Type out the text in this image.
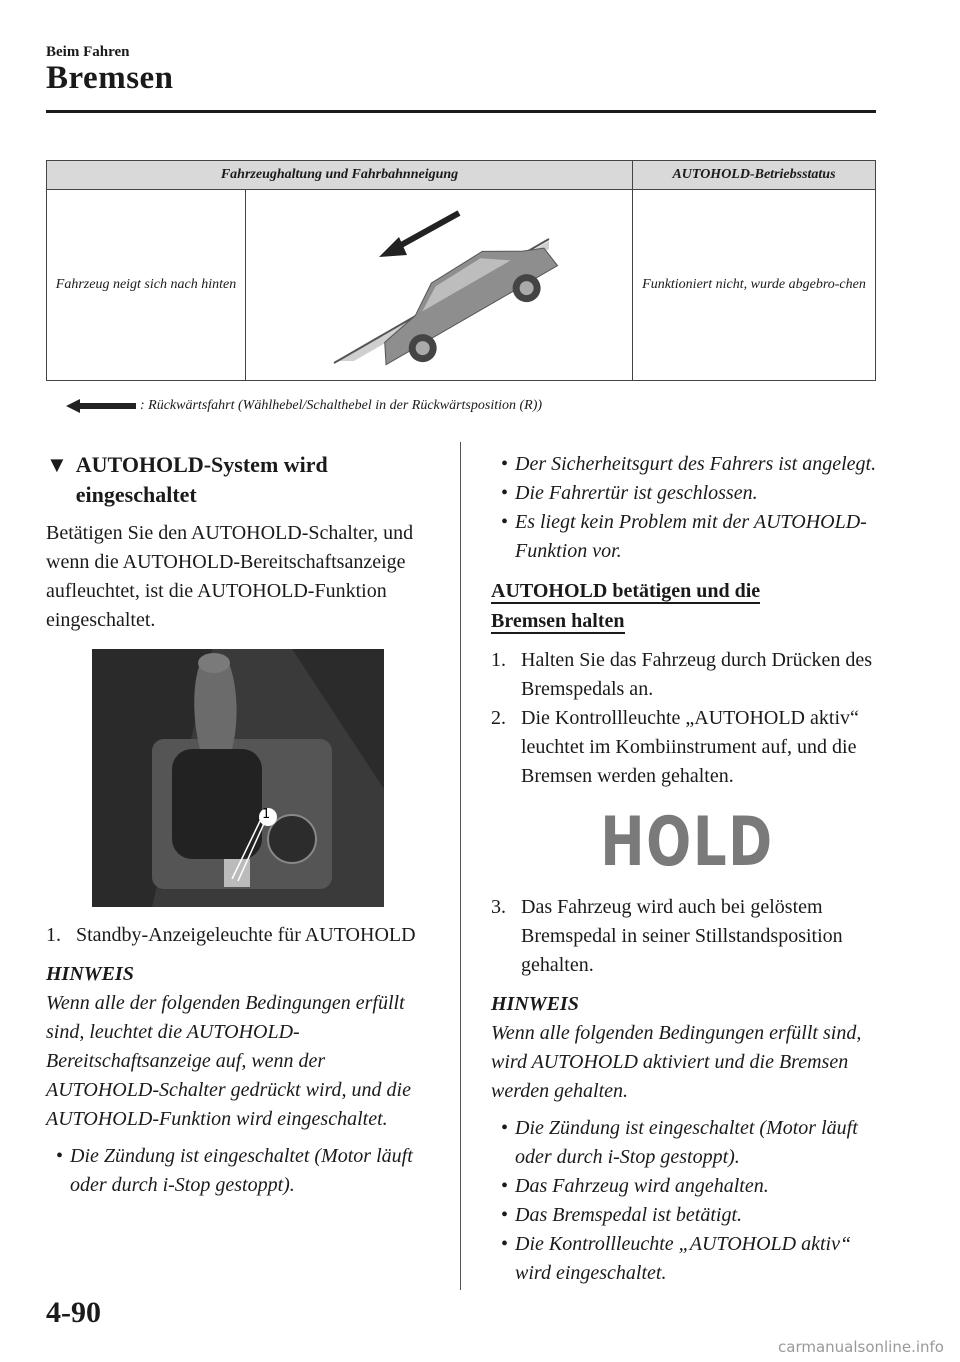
Beim Fahren
Bremsen
Fahrzeughaltung und Fahrbahnneigung		AUTOHOLD-Betriebsstatus
Fahrzeug neigt sich nach hinten		Funktioniert nicht, wurde abgebro-chen
: Rückwärtsfahrt (Wählhebel/Schalthebel in der Rückwärtsposition (R))
▼ AUTOHOLD-System wird
eingeschaltet

Betätigen Sie den AUTOHOLD-Schalter, und wenn die AUTOHOLD-Bereitschaftsanzeige aufleuchtet, ist die AUTOHOLD-Funktion eingeschaltet.

1
1. Standby-Anzeigeleuchte für AUTOHOLD
HINWEIS

Wenn alle der folgenden Bedingungen erfüllt sind, leuchtet die AUTOHOLD-Bereitschaftsanzeige auf, wenn der AUTOHOLD-Schalter gedrückt wird, und die AUTOHOLD-Funktion wird eingeschaltet.

• Die Zündung ist eingeschaltet (Motor läuft oder durch i-Stop gestoppt).
• Der Sicherheitsgurt des Fahrers ist angelegt.
• Die Fahrertür ist geschlossen.
• Es liegt kein Problem mit der AUTOHOLD-Funktion vor.
AUTOHOLD betätigen und die
Bremsen halten
1. Halten Sie das Fahrzeug durch Drücken des Bremspedals an.
2. Die Kontrollleuchte „AUTOHOLD aktiv“ leuchtet im Kombiinstrument auf, und die Bremsen werden gehalten.
HOLD
3. Das Fahrzeug wird auch bei gelöstem Bremspedal in seiner Stillstandsposition gehalten.
HINWEIS

Wenn alle folgenden Bedingungen erfüllt sind, wird AUTOHOLD aktiviert und die Bremsen werden gehalten.

• Die Zündung ist eingeschaltet (Motor läuft oder durch i-Stop gestoppt).
• Das Fahrzeug wird angehalten.
• Das Bremspedal ist betätigt.
• Die Kontrollleuchte „AUTOHOLD aktiv“ wird eingeschaltet.
4-90
carmanualsonline.info
